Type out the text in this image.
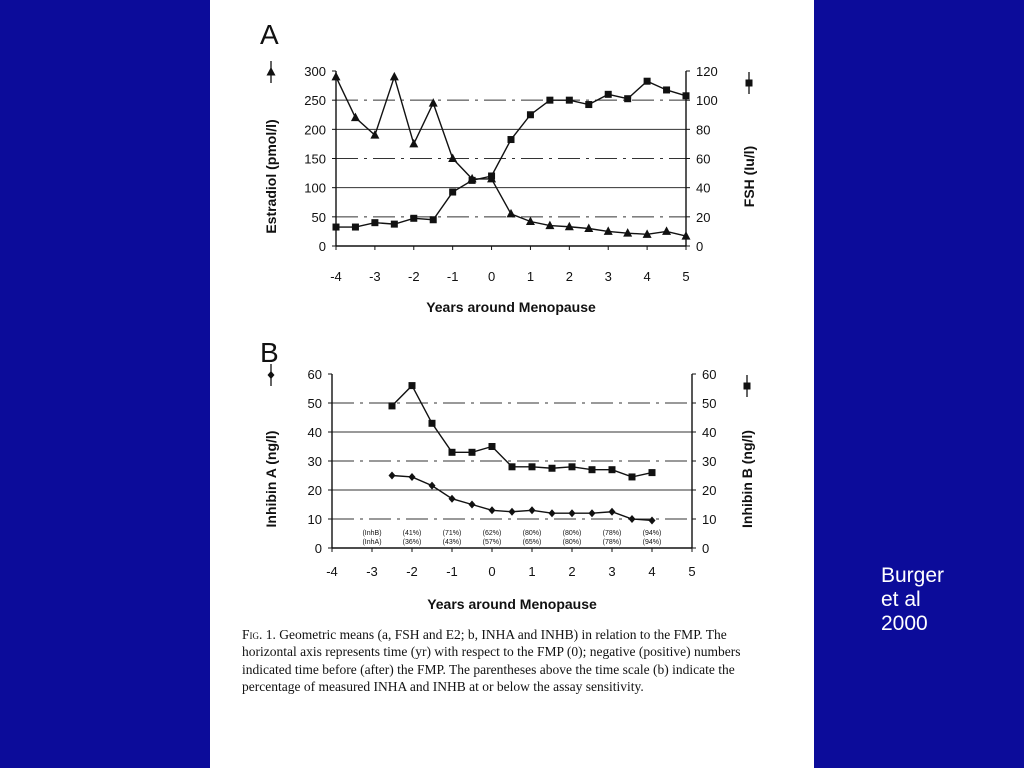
A
0
50
100
150
200
250
300
0
20
40
60
80
100
120
-4 -3 -2 -1 0 1 2 3 4 5
Years around Menopause
Estradiol (pmol/l)	FSH (Iu/l)
B
0
10
20
30
40
50
60
0
10
20
30
40
50
60
-4 -3 -2 -1 0	1	2	3	4	5
Years around Menopause
Inhibin A (ng/l)	Inhibin B (ng/l)
(InhB)
(InhA)
(41%)
(36%)
(71%)
(43%)
(62%)
(57%)
(80%)
(65%)
(80%)
(80%)
(78%)
(78%)
(94%)
(94%)

Fig. 1. Geometric means (a, FSH and E2; b, INHA and INHB) in relation to the FMP. The horizontal axis represents time (yr) with respect to the FMP (0); negative (positive) numbers indicated time before (after) the FMP. The parentheses above the time scale (b) indicate the percentage of measured INHA and INHB at or below the assay sensitivity.

Burger
et al
2000
